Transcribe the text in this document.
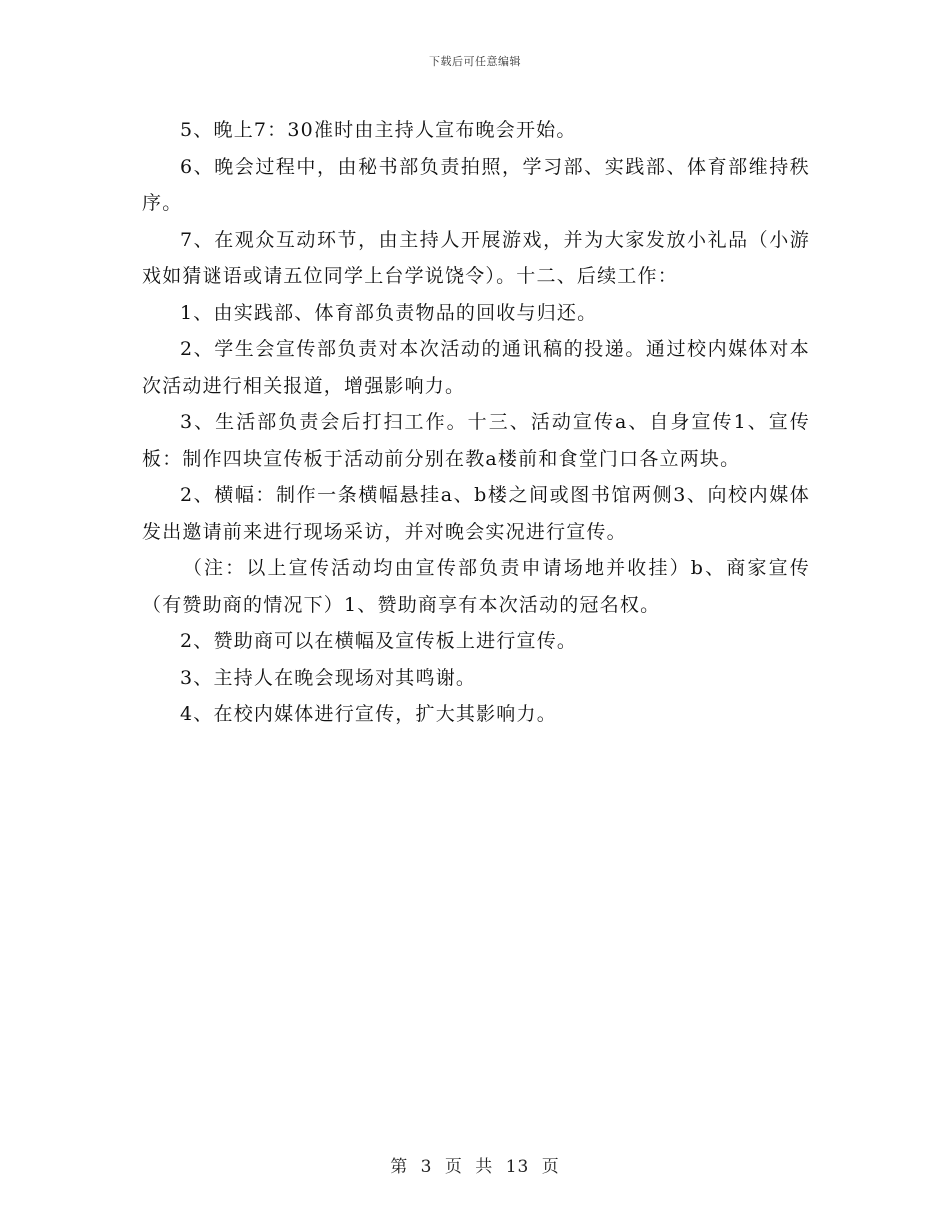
下载后可任意编辑

5、晚上7：30准时由主持人宣布晚会开始。

6、晚会过程中，由秘书部负责拍照，学习部、实践部、体育部维持秩序。

7、在观众互动环节，由主持人开展游戏，并为大家发放小礼品（小游戏如猜谜语或请五位同学上台学说饶令）。十二、后续工作：

1、由实践部、体育部负责物品的回收与归还。

2、学生会宣传部负责对本次活动的通讯稿的投递。通过校内媒体对本次活动进行相关报道，增强影响力。

3、生活部负责会后打扫工作。十三、活动宣传a、自身宣传1、宣传板：制作四块宣传板于活动前分别在教a楼前和食堂门口各立两块。

2、横幅：制作一条横幅悬挂a、b楼之间或图书馆两侧3、向校内媒体发出邀请前来进行现场采访，并对晚会实况进行宣传。

（注：以上宣传活动均由宣传部负责申请场地并收挂）b、商家宣传（有赞助商的情况下）1、赞助商享有本次活动的冠名权。

2、赞助商可以在横幅及宣传板上进行宣传。

3、主持人在晚会现场对其鸣谢。

4、在校内媒体进行宣传，扩大其影响力。

第 3 页 共 13 页
